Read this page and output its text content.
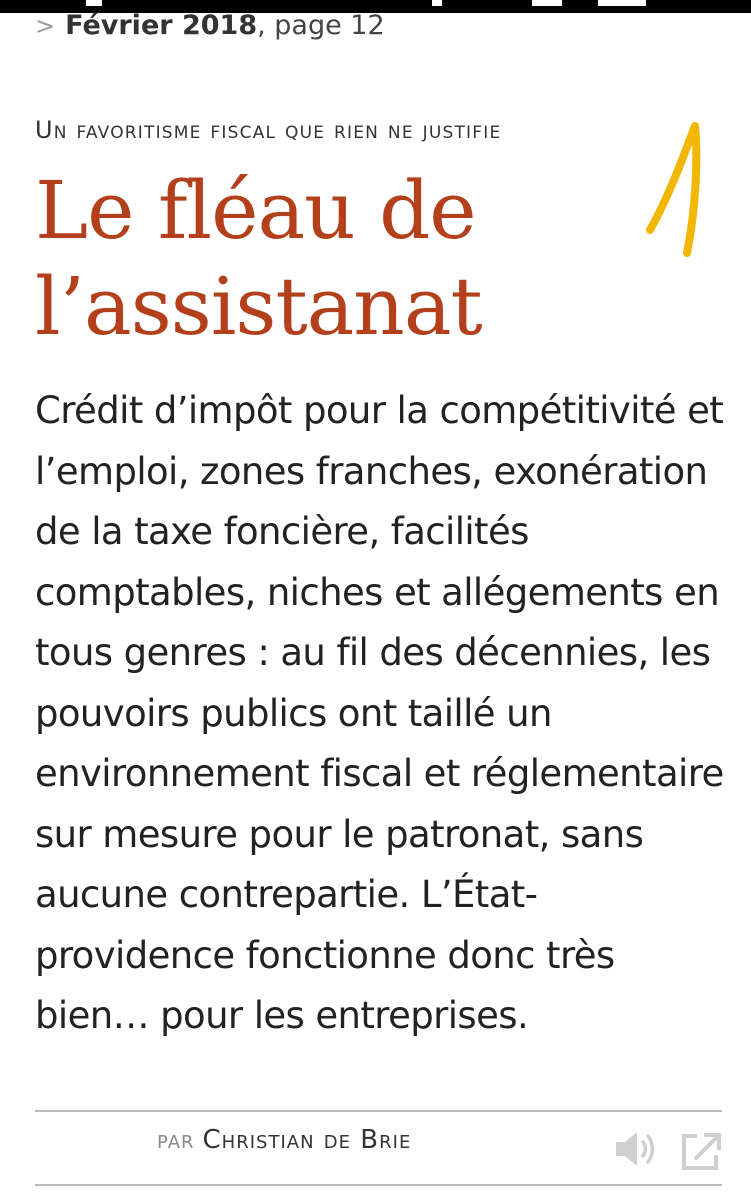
> Février 2018, page 12
Un favoritisme fiscal que rien ne justifie
Le fléau de l’assistanat

Crédit d’impôt pour la compétitivité et l’emploi, zones franches, exonération de la taxe foncière, facilités comptables, niches et allégements en tous genres : au fil des décennies, les pouvoirs publics ont taillé un environnement fiscal et réglementaire sur mesure pour le patronat, sans aucune contrepartie. L’État-providence fonctionne donc très bien… pour les entreprises.

par Christian de Brie
